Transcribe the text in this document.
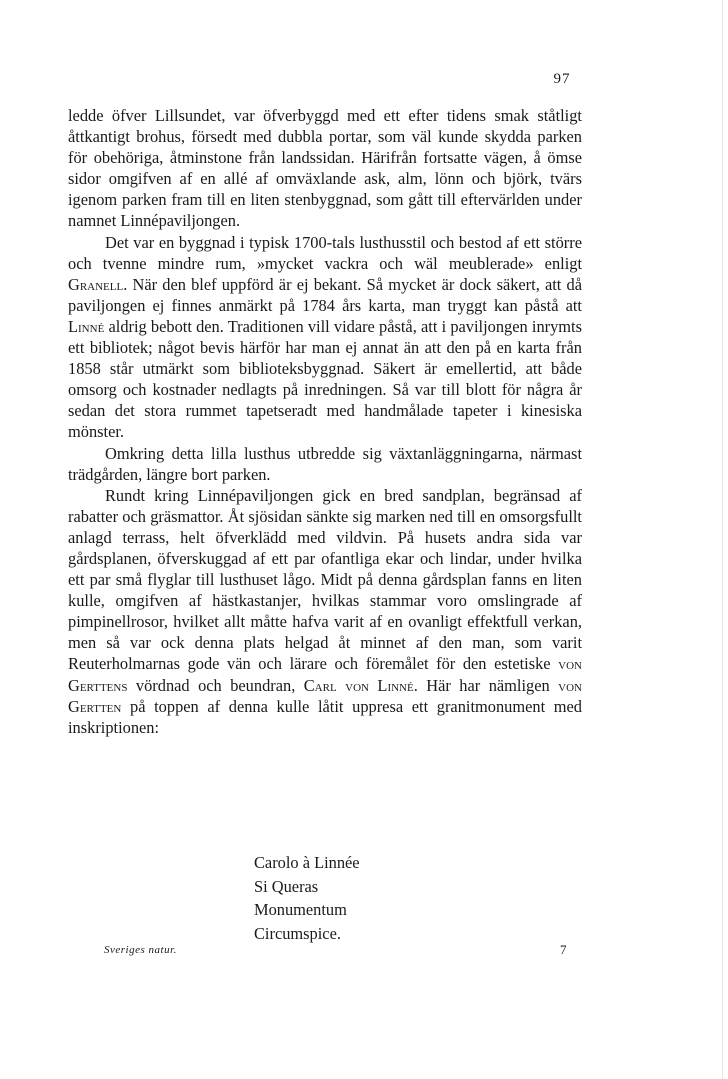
97

ledde öfver Lillsundet, var öfverbyggd med ett efter tidens smak ståtligt åttkantigt brohus, försedt med dubbla portar, som väl kunde skydda parken för obehöriga, åtminstone från landssidan. Härifrån fortsatte vägen, å ömse sidor omgifven af en allé af omväxlande ask, alm, lönn och björk, tvärs igenom parken fram till en liten stenbyggnad, som gått till eftervärlden under namnet Linnépaviljongen.

Det var en byggnad i typisk 1700-tals lusthusstil och bestod af ett större och tvenne mindre rum, »mycket vackra och wäl meublerade» enligt Granell. När den blef uppförd är ej bekant. Så mycket är dock säkert, att då paviljongen ej finnes anmärkt på 1784 års karta, man tryggt kan påstå att Linné aldrig bebott den. Traditionen vill vidare påstå, att i paviljongen inrymts ett bibliotek; något bevis härför har man ej annat än att den på en karta från 1858 står utmärkt som biblioteksbyggnad. Säkert är emellertid, att både omsorg och kostnader nedlagts på inredningen. Så var till blott för några år sedan det stora rummet tapetseradt med handmålade tapeter i kinesiska mönster.

Omkring detta lilla lusthus utbredde sig växtanläggningarna, närmast trädgården, längre bort parken.

Rundt kring Linnépaviljongen gick en bred sandplan, begränsad af rabatter och gräsmattor. Åt sjösidan sänkte sig marken ned till en omsorgsfullt anlagd terrass, helt öfverklädd med vildvin. På husets andra sida var gårdsplanen, öfverskuggad af ett par ofantliga ekar och lindar, under hvilka ett par små flyglar till lusthuset lågo. Midt på denna gårdsplan fanns en liten kulle, omgifven af hästkastanjer, hvilkas stammar voro omslingrade af pimpinellrosor, hvilket allt måtte hafva varit af en ovanligt effektfull verkan, men så var ock denna plats helgad åt minnet af den man, som varit Reuterholmarnas gode vän och lärare och föremålet för den estetiske von Gerttens vördnad och beundran, Carl von Linné. Här har nämligen von Gertten på toppen af denna kulle låtit uppresa ett granitmonument med inskriptionen:

Carolo à Linnée
Si Queras
Monumentum
Circumspice.
Sveriges natur.	7
